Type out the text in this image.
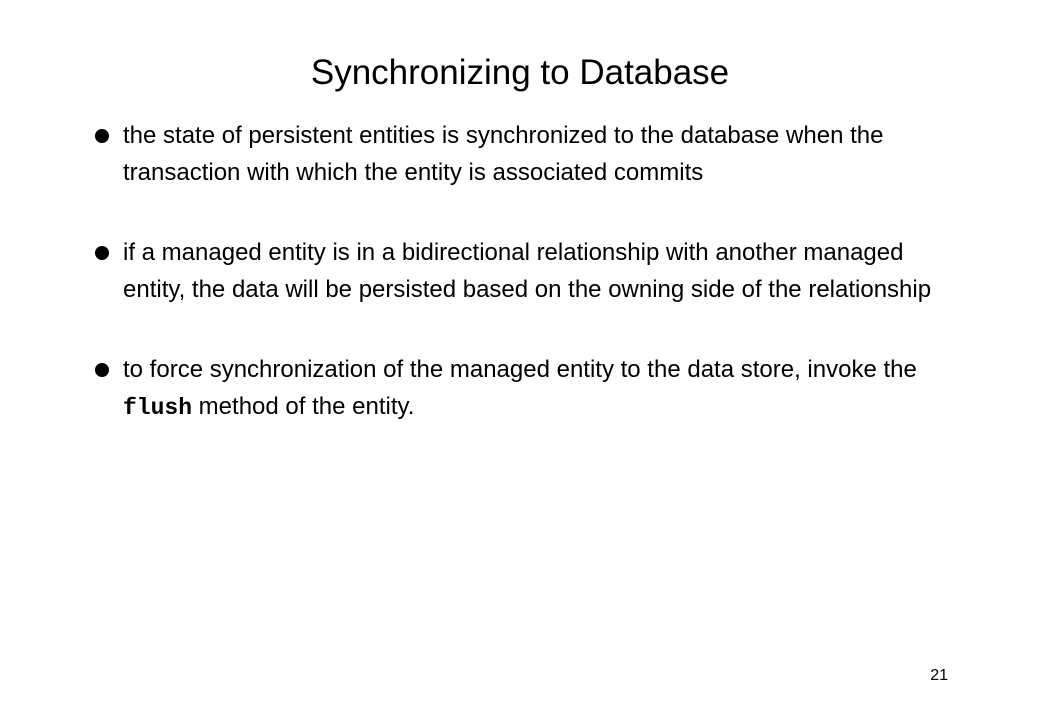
Synchronizing to Database
the state of persistent entities is synchronized to the database when the transaction with which the entity is associated commits
if a managed entity is in a bidirectional relationship with another managed entity, the data will be persisted based on the owning side of the relationship
to force synchronization of the managed entity to the data store, invoke the flush method of the entity.
21
